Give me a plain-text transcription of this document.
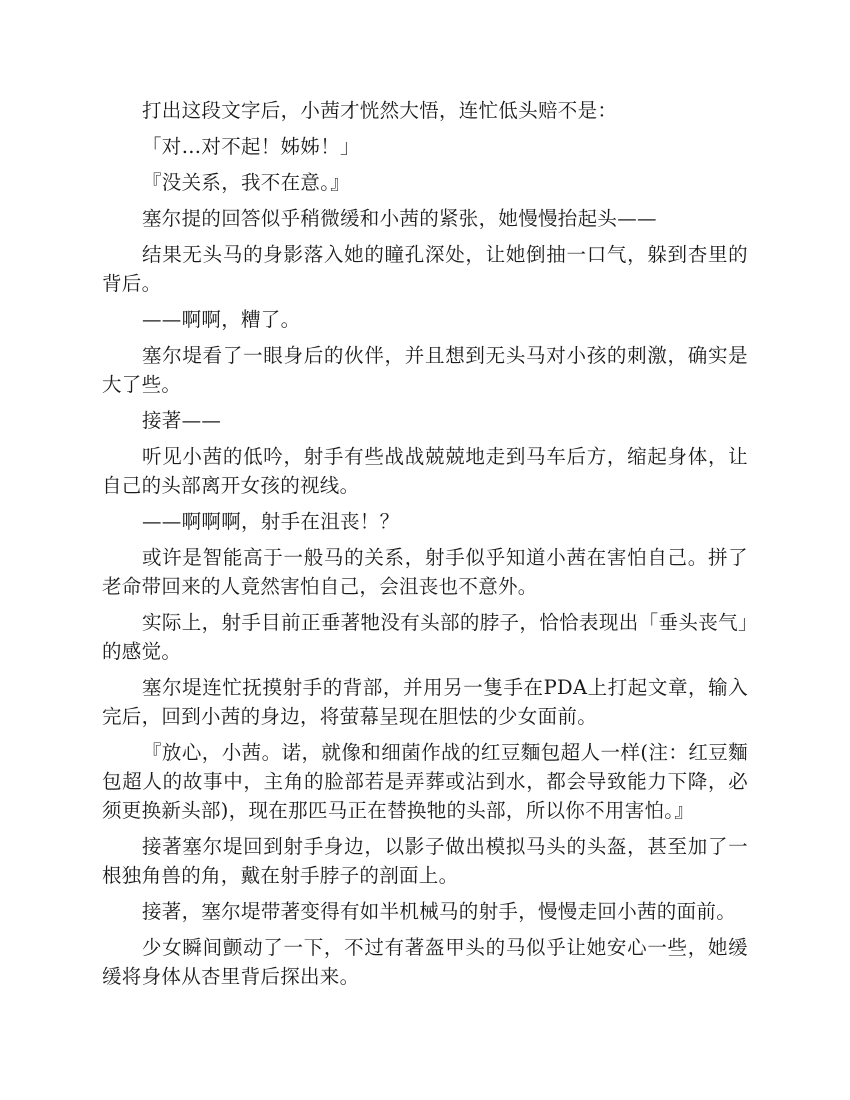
打出这段文字后，小茜才恍然大悟，连忙低头赔不是：

「对…对不起！姊姊！」

『没关系，我不在意。』

塞尔提的回答似乎稍微缓和小茜的紧张，她慢慢抬起头——

结果无头马的身影落入她的瞳孔深处，让她倒抽一口气，躲到杏里的背后。

——啊啊，糟了。

塞尔堤看了一眼身后的伙伴，并且想到无头马对小孩的刺激，确实是大了些。

接著——

听见小茜的低吟，射手有些战战兢兢地走到马车后方，缩起身体，让自己的头部离开女孩的视线。

——啊啊啊，射手在沮丧！？

或许是智能高于一般马的关系，射手似乎知道小茜在害怕自己。拼了老命带回来的人竟然害怕自己，会沮丧也不意外。

实际上，射手目前正垂著牠没有头部的脖子，恰恰表现出「垂头丧气」的感觉。

塞尔堤连忙抚摸射手的背部，并用另一隻手在PDA上打起文章，输入完后，回到小茜的身边，将萤幕呈现在胆怯的少女面前。

『放心，小茜。诺，就像和细菌作战的红豆麵包超人一样(注：红豆麵包超人的故事中，主角的脸部若是弄葬或沾到水，都会导致能力下降，必须更换新头部)，现在那匹马正在替换牠的头部，所以你不用害怕。』

接著塞尔堤回到射手身边，以影子做出模拟马头的头盔，甚至加了一根独角兽的角，戴在射手脖子的剖面上。

接著，塞尔堤带著变得有如半机械马的射手，慢慢走回小茜的面前。

少女瞬间颤动了一下，不过有著盔甲头的马似乎让她安心一些，她缓缓将身体从杏里背后探出来。
